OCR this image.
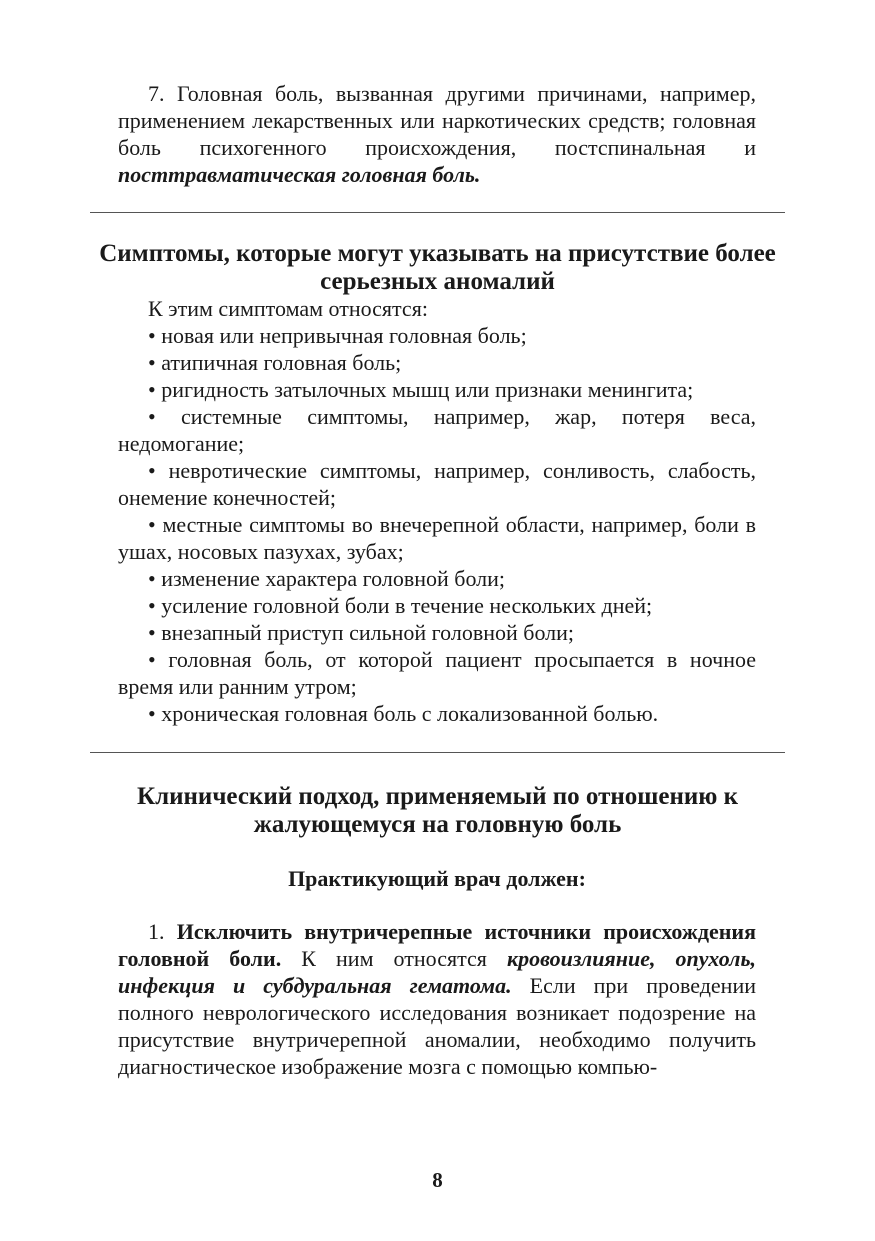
7. Головная боль, вызванная другими причинами, например, применением лекарственных или наркотических средств; головная боль психогенного происхождения, постспинальная и посттравматическая головная боль.

Симптомы, которые могут указывать на присутствие более серьезных аномалий

К этим симптомам относятся:

• новая или непривычная головная боль;

• атипичная головная боль;

• ригидность затылочных мышц или признаки менингита;

• системные симптомы, например, жар, потеря веса, недомогание;

• невротические симптомы, например, сонливость, слабость, онемение конечностей;

• местные симптомы во внечерепной области, например, боли в ушах, носовых пазухах, зубах;

• изменение характера головной боли;

• усиление головной боли в течение нескольких дней;

• внезапный приступ сильной головной боли;

• головная боль, от которой пациент просыпается в ночное время или ранним утром;

• хроническая головная боль с локализованной болью.

Клинический подход, применяемый по отношению к жалующемуся на головную боль
Практикующий врач должен:

1. Исключить внутричерепные источники происхождения головной боли. К ним относятся кровоизлияние, опухоль, инфекция и субдуральная гематома. Если при проведении полного неврологического исследования возникает подозрение на присутствие внутричерепной аномалии, необходимо получить диагностическое изображение мозга с помощью компью-

8
